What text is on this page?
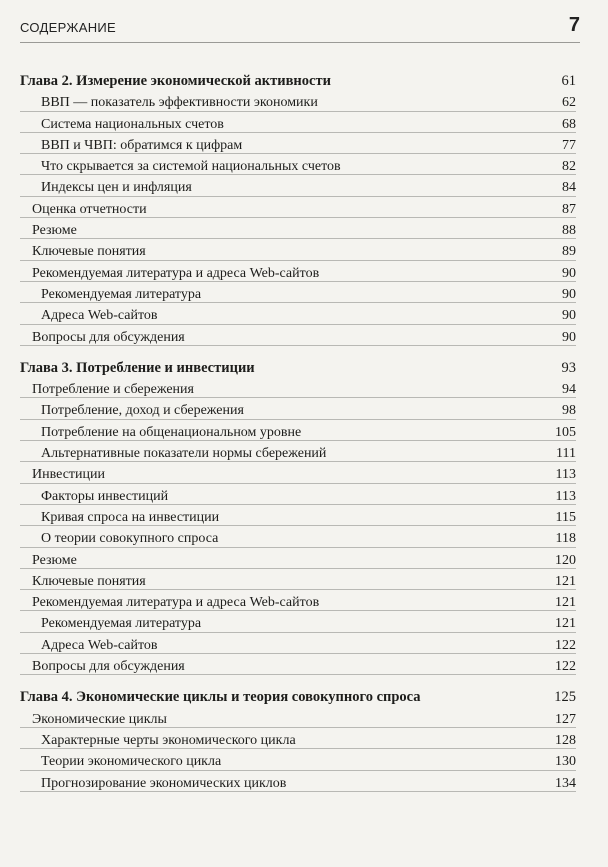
СОДЕРЖАНИЕ	7
Глава 2. Измерение экономической активности	61
ВВП — показатель эффективности экономики	62
Система национальных счетов	68
ВВП и ЧВП: обратимся к цифрам	77
Что скрывается за системой национальных счетов	82
Индексы цен и инфляция	84
Оценка отчетности	87
Резюме	88
Ключевые понятия	89
Рекомендуемая литература и адреса Web-сайтов	90
Рекомендуемая литература	90
Адреса Web-сайтов	90
Вопросы для обсуждения	90
Глава 3. Потребление и инвестиции	93
Потребление и сбережения	94
Потребление, доход и сбережения	98
Потребление на общенациональном уровне	105
Альтернативные показатели нормы сбережений	111
Инвестиции	113
Факторы инвестиций	113
Кривая спроса на инвестиции	115
О теории совокупного спроса	118
Резюме	120
Ключевые понятия	121
Рекомендуемая литература и адреса Web-сайтов	121
Рекомендуемая литература	121
Адреса Web-сайтов	122
Вопросы для обсуждения	122
Глава 4. Экономические циклы и теория совокупного спроса	125
Экономические циклы	127
Характерные черты экономического цикла	128
Теории экономического цикла	130
Прогнозирование экономических циклов	134
